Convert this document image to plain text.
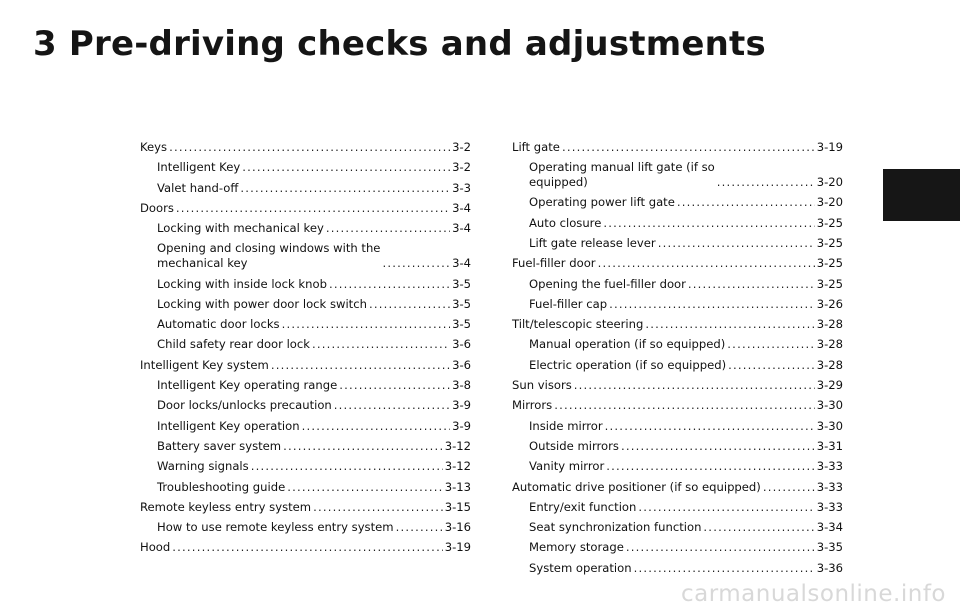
3 Pre-driving checks and adjustments
Keys .....	3-2
Intelligent Key .....	3-2
Valet hand-off .....	3-3
Doors .....	3-4
Locking with mechanical key .....	3-4
Opening and closing windows with the
mechanical key .....	3-4
Locking with inside lock knob .....	3-5
Locking with power door lock switch .....	3-5
Automatic door locks .....	3-5
Child safety rear door lock .....	3-6
Intelligent Key system .....	3-6
Intelligent Key operating range .....	3-8
Door locks/unlocks precaution .....	3-9
Intelligent Key operation .....	3-9
Battery saver system .....	3-12
Warning signals .....	3-12
Troubleshooting guide .....	3-13
Remote keyless entry system .....	3-15
How to use remote keyless entry system .....	3-16
Hood .....	3-19
Lift gate .....	3-19
Operating manual lift gate (if so
equipped) .....	3-20
Operating power lift gate .....	3-20
Auto closure .....	3-25
Lift gate release lever .....	3-25
Fuel-filler door .....	3-25
Opening the fuel-filler door .....	3-25
Fuel-filler cap .....	3-26
Tilt/telescopic steering .....	3-28
Manual operation (if so equipped) .....	3-28
Electric operation (if so equipped) .....	3-28
Sun visors .....	3-29
Mirrors .....	3-30
Inside mirror .....	3-30
Outside mirrors .....	3-31
Vanity mirror .....	3-33
Automatic drive positioner (if so equipped) .....	3-33
Entry/exit function .....	3-33
Seat synchronization function .....	3-34
Memory storage .....	3-35
System operation .....	3-36
carmanualsonline.info
